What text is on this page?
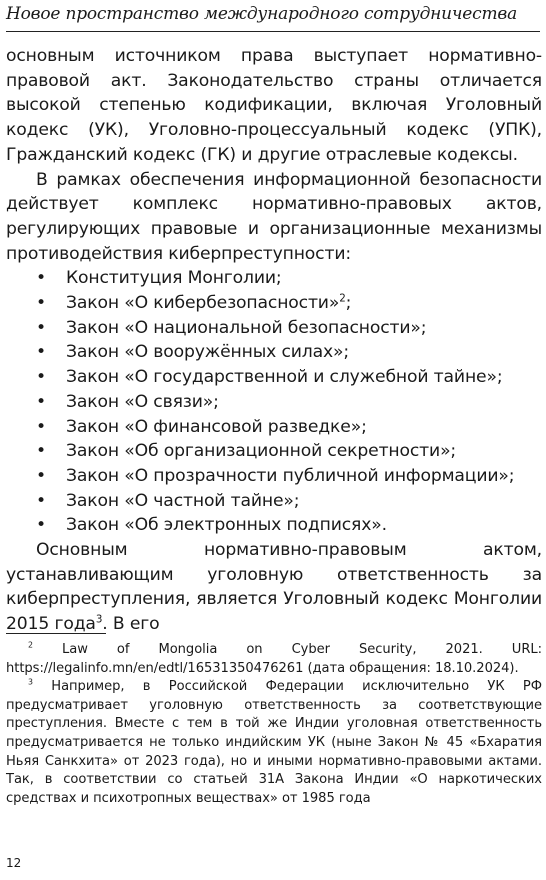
Новое пространство международного сотрудничества

основным источником права выступает нормативно-правовой акт. Законодательство страны отличается высокой степенью кодификации, включая Уголовный кодекс (УК), Уголовно-процессуальный кодекс (УПК), Гражданский кодекс (ГК) и другие отраслевые кодексы.

В рамках обеспечения информационной безопасности действует комплекс нормативно-правовых актов, регулирующих правовые и организационные механизмы противодействия киберпреступности:

• Конституция Монголии;
• Закон «О кибербезопасности»$^2$;
• Закон «О национальной безопасности»;
• Закон «О вооружённых силах»;
• Закон «О государственной и служебной тайне»;
• Закон «О связи»;
• Закон «О финансовой разведке»;
• Закон «Об организационной секретности»;
• Закон «О прозрачности публичной информации»;
• Закон «О частной тайне»;
• Закон «Об электронных подписях».

Основным нормативно-правовым актом, устанавливающим уголовную ответственность за киберпреступления, является Уголовный кодекс Монголии 2015 года$^3$. В его

$^2$ Law of Mongolia on Cyber Security, 2021. URL: https://legalinfo.mn/en/edtl/16531350476261 (дата обращения: 18.10.2024).

$^3$ Например, в Российской Федерации исключительно УК РФ предусматривает уголовную ответственность за соответствующие преступления. Вместе с тем в той же Индии уголовная ответственность предусматривается не только индийским УК (ныне Закон № 45 «Бхаратия Ньяя Санкхита» от 2023 года), но и иными нормативно-правовыми актами. Так, в соответствии со статьей 31А Закона Индии «О наркотических средствах и психотропных веществах» от 1985 года

12
